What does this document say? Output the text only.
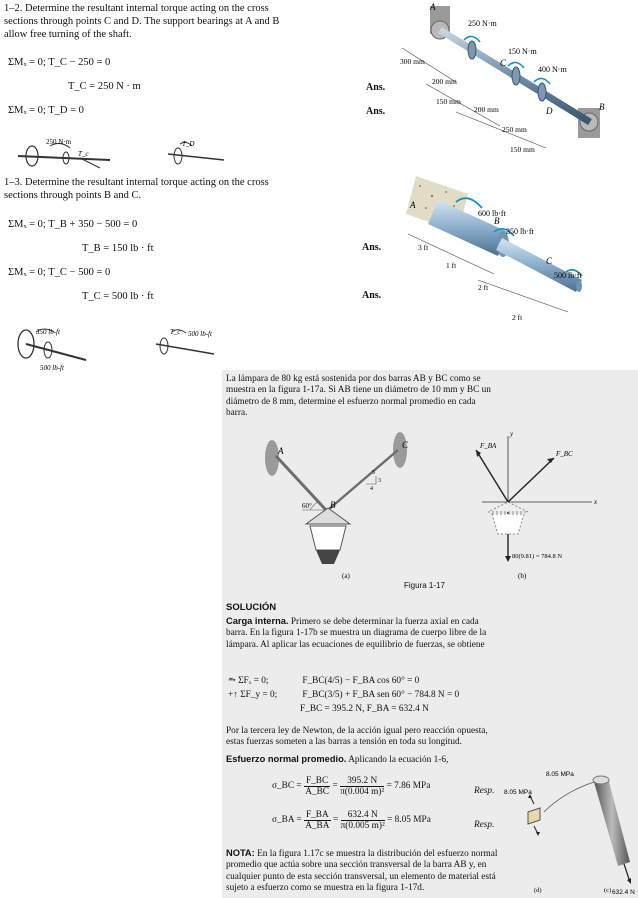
1–2. Determine the resultant internal torque acting on the cross sections through points C and D. The support bearings at A and B allow free turning of the shaft.
ΣMₓ = 0; T_C − 250 = 0
T_C = 250 N · m	Ans.
ΣMₓ = 0; T_D = 0	Ans.
250 N·m
T_c
T_D
A
B
C
D
250 N·m
150 N·m
400 N·m
300 mm
200 mm
150 mm
200 mm
250 mm
150 mm
1–3. Determine the resultant internal torque acting on the cross sections through points B and C.
ΣMₓ = 0; T_B + 350 − 500 = 0
T_B = 150 lb · ft	Ans.
ΣMₓ = 0; T_C − 500 = 0
T_C = 500 lb · ft	Ans.
350 lb-ft
500 lb-ft
T_c 500 lb-ft
A
B
C
600 lb·ft
350 lb·ft
500 lb·ft
3 ft
1 ft
2 ft
2 ft
La lámpara de 80 kg está sostenida por dos barras AB y BC como se muestra en la figura 1-17a. Si AB tiene un diámetro de 10 mm y BC un diámetro de 8 mm, determine el esfuerzo normal promedio en cada barra.
A
C
B
60°
5
4
3
(a)
F_BA
F_BC
x
y
80(9.81) = 784.8 N
(b)
Figura 1-17
SOLUCIÓN
Carga interna. Primero se debe determinar la fuerza axial en cada barra. En la figura 1-17b se muestra un diagrama de cuerpo libre de la lámpara. Al aplicar las ecuaciones de equilibrio de fuerzas, se obtiene
⥲ ΣFₓ = 0;	F_BC(4/5) − F_BA cos 60° = 0
+↑ ΣF_y = 0;	F_BC(3/5) + F_BA sen 60° − 784.8 N = 0
F_BC = 395.2 N, F_BA = 632.4 N
Por la tercera ley de Newton, de la acción igual pero reacción opuesta, estas fuerzas someten a las barras a tensión en toda su longitud.
Esfuerzo normal promedio. Aplicando la ecuación 1-6,
σ_BC = $\frac{F\_BC}{A\_BC} = \frac{395.2 N}{\text{π(0.004 m)²}} = 7.86$ MPa
Resp.
σ_BA = $\frac{F\_BA}{A\_BA} = \frac{632.4 N}{\text{π(0.005 m)²}} = 8.05$ MPa
Resp.
NOTA: En la figura 1.17c se muestra la distribución del esfuerzo normal promedio que actúa sobre una sección transversal de la barra AB y, en cualquier punto de esta sección transversal, un elemento de material está sujeto a esfuerzo como se muestra en la figura 1-17d.
8.05 MPa
8.05 MPa
632.4 N
(d)	(c)
